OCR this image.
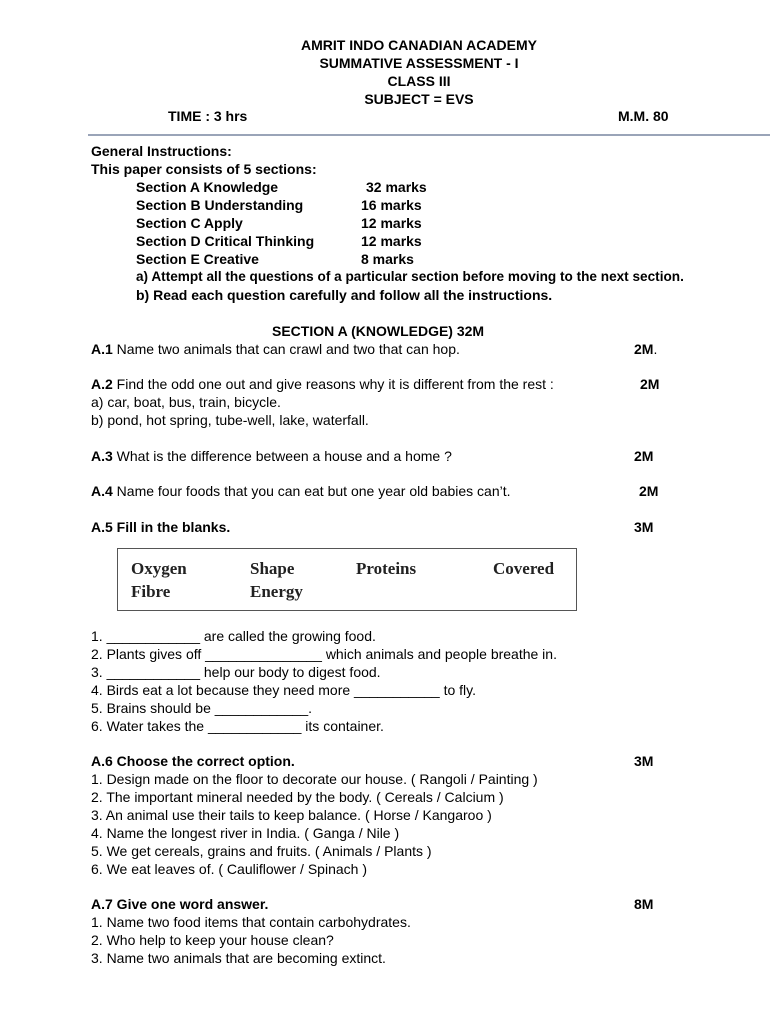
AMRIT INDO CANADIAN ACADEMY
SUMMATIVE ASSESSMENT - I
CLASS III
SUBJECT = EVS
TIME : 3 hrs	M.M. 80
General Instructions:
This paper consists of 5 sections:
Section A Knowledge	32 marks
Section B Understanding	16 marks
Section C Apply	12 marks
Section D Critical Thinking	12 marks
Section E Creative	8 marks
a) Attempt all the questions of a particular section before moving to the next section.
b) Read each question carefully and follow all the instructions.
SECTION A (KNOWLEDGE) 32M
A.1 Name two animals that can crawl and two that can hop.	2M.
A.2 Find the odd one out and give reasons why it is different from the rest :	2M
a) car, boat, bus, train, bicycle.
b) pond, hot spring, tube-well, lake, waterfall.
A.3 What is the difference between a house and a home ?	2M
A.4 Name four foods that you can eat but one year old babies can’t.	2M
A.5 Fill in the blanks.	3M
Oxygen	Shape	Proteins	Covered
Fibre	Energy
1. ____________ are called the growing food.
2. Plants gives off _______________ which animals and people breathe in.
3. ____________ help our body to digest food.
4. Birds eat a lot because they need more ___________ to fly.
5. Brains should be ____________.
6. Water takes the ____________ its container.
A.6 Choose the correct option.	3M
1. Design made on the floor to decorate our house. ( Rangoli / Painting )
2. The important mineral needed by the body. ( Cereals / Calcium )
3. An animal use their tails to keep balance. ( Horse / Kangaroo )
4. Name the longest river in India. ( Ganga / Nile )
5. We get cereals, grains and fruits. ( Animals / Plants )
6. We eat leaves of. ( Cauliflower / Spinach )
A.7 Give one word answer.	8M
1. Name two food items that contain carbohydrates.
2. Who help to keep your house clean?
3. Name two animals that are becoming extinct.
